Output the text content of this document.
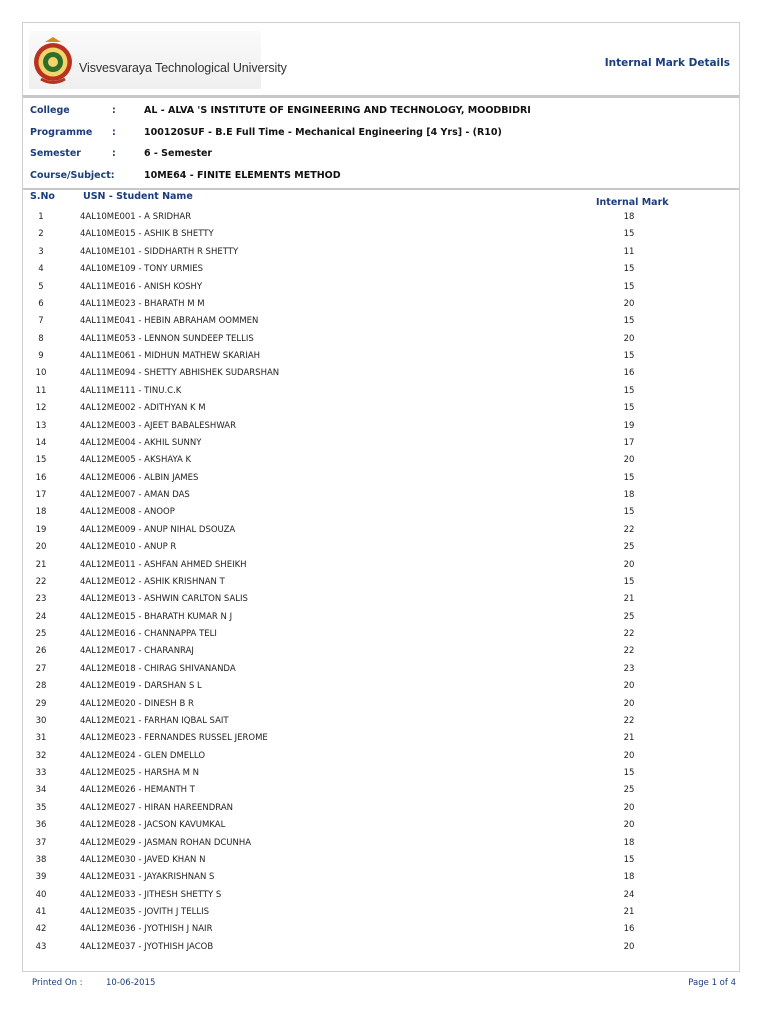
Visvesvaraya Technological University	Internal Mark Details
College	:	AL - ALVA 'S INSTITUTE OF ENGINEERING AND TECHNOLOGY, MOODBIDRI
Programme :	100120SUF - B.E Full Time - Mechanical Engineering [4 Yrs] - (R10)
Semester	:	6 - Semester
Course/Subject:	10ME64 - FINITE ELEMENTS METHOD
S.No	USN - Student Name
Internal Mark
1	4AL10ME001 - A SRIDHAR	18
2	4AL10ME015 - ASHIK B SHETTY	15
3	4AL10ME101 - SIDDHARTH R SHETTY	11
4	4AL10ME109 - TONY URMIES	15
5	4AL11ME016 - ANISH KOSHY	15
6	4AL11ME023 - BHARATH M M	20
7	4AL11ME041 - HEBIN ABRAHAM OOMMEN	15
8	4AL11ME053 - LENNON SUNDEEP TELLIS	20
9	4AL11ME061 - MIDHUN MATHEW SKARIAH	15
10	4AL11ME094 - SHETTY ABHISHEK SUDARSHAN	16
11	4AL11ME111 - TINU.C.K	15
12	4AL12ME002 - ADITHYAN K M	15
13	4AL12ME003 - AJEET BABALESHWAR	19
14	4AL12ME004 - AKHIL SUNNY	17
15	4AL12ME005 - AKSHAYA K	20
16	4AL12ME006 - ALBIN JAMES	15
17	4AL12ME007 - AMAN DAS	18
18	4AL12ME008 - ANOOP	15
19	4AL12ME009 - ANUP NIHAL DSOUZA	22
20	4AL12ME010 - ANUP R	25
21	4AL12ME011 - ASHFAN AHMED SHEIKH	20
22	4AL12ME012 - ASHIK KRISHNAN T	15
23	4AL12ME013 - ASHWIN CARLTON SALIS	21
24	4AL12ME015 - BHARATH KUMAR N J	25
25	4AL12ME016 - CHANNAPPA TELI	22
26	4AL12ME017 - CHARANRAJ	22
27	4AL12ME018 - CHIRAG SHIVANANDA	23
28	4AL12ME019 - DARSHAN S L	20
29	4AL12ME020 - DINESH B R	20
30	4AL12ME021 - FARHAN IQBAL SAIT	22
31	4AL12ME023 - FERNANDES RUSSEL JEROME	21
32	4AL12ME024 - GLEN DMELLO	20
33	4AL12ME025 - HARSHA M N	15
34	4AL12ME026 - HEMANTH T	25
35	4AL12ME027 - HIRAN HAREENDRAN	20
36	4AL12ME028 - JACSON KAVUMKAL	20
37	4AL12ME029 - JASMAN ROHAN DCUNHA	18
38	4AL12ME030 - JAVED KHAN N	15
39	4AL12ME031 - JAYAKRISHNAN S	18
40	4AL12ME033 - JITHESH SHETTY S	24
41	4AL12ME035 - JOVITH J TELLIS	21
42	4AL12ME036 - JYOTHISH J NAIR	16
43	4AL12ME037 - JYOTHISH JACOB	20
Printed On :	10-06-2015	Page 1 of 4
